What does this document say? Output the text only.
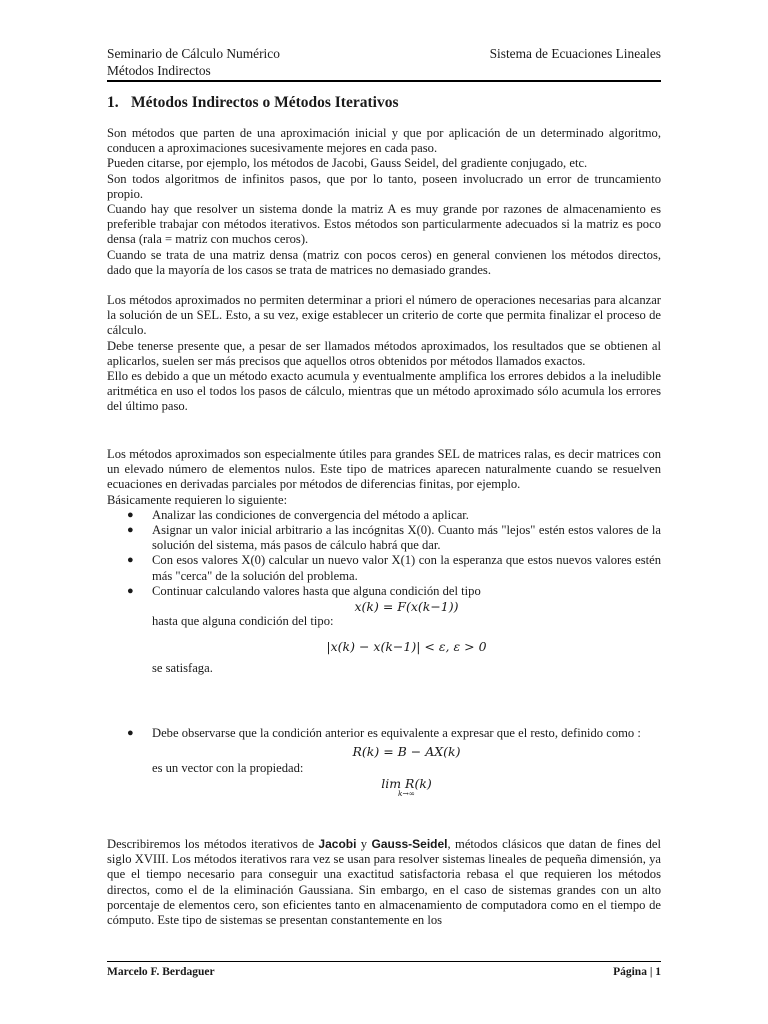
Seminario de Cálculo Numérico
Métodos Indirectos
Sistema de Ecuaciones Lineales
1. Métodos Indirectos o Métodos Iterativos

Son métodos que parten de una aproximación inicial y que por aplicación de un determinado algoritmo, conducen a aproximaciones sucesivamente mejores en cada paso.

Pueden citarse, por ejemplo, los métodos de Jacobi, Gauss Seidel, del gradiente conjugado, etc.

Son todos algoritmos de infinitos pasos, que por lo tanto, poseen involucrado un error de truncamiento propio.

Cuando hay que resolver un sistema donde la matriz A es muy grande por razones de almacenamiento es preferible trabajar con métodos iterativos. Estos métodos son particularmente adecuados si la matriz es poco densa (rala = matriz con muchos ceros).

Cuando se trata de una matriz densa (matriz con pocos ceros) en general convienen los métodos directos, dado que la mayoría de los casos se trata de matrices no demasiado grandes.

Los métodos aproximados no permiten determinar a priori el número de operaciones necesarias para alcanzar la solución de un SEL. Esto, a su vez, exige establecer un criterio de corte que permita finalizar el proceso de cálculo.

Debe tenerse presente que, a pesar de ser llamados métodos aproximados, los resultados que se obtienen al aplicarlos, suelen ser más precisos que aquellos otros obtenidos por métodos llamados exactos.

Ello es debido a que un método exacto acumula y eventualmente amplifica los errores debidos a la ineludible aritmética en uso el todos los pasos de cálculo, mientras que un método aproximado sólo acumula los errores del último paso.

Los métodos aproximados son especialmente útiles para grandes SEL de matrices ralas, es decir matrices con un elevado número de elementos nulos. Este tipo de matrices aparecen naturalmente cuando se resuelven ecuaciones en derivadas parciales por métodos de diferencias finitas, por ejemplo.

Básicamente requieren lo siguiente:

● Analizar las condiciones de convergencia del método a aplicar.
● Asignar un valor inicial arbitrario a las incógnitas X(0). Cuanto más "lejos" estén estos valores de la solución del sistema, más pasos de cálculo habrá que dar.
● Con esos valores X(0) calcular un nuevo valor X(1) con la esperanza que estos nuevos valores estén más "cerca" de la solución del problema.
● Continuar calculando valores hasta que alguna condición del tipo
x(k) = F(x(k−1))
hasta que alguna condición del tipo:
|x(k) − x(k−1)| < ε, ε > 0
se satisfaga.
● Debe observarse que la condición anterior es equivalente a expresar que el resto, definido como :
R(k) = B − AX(k)
es un vector con la propiedad:
lim R(k)
k→∞

Describiremos los métodos iterativos de Jacobi y Gauss-Seidel, métodos clásicos que datan de fines del siglo XVIII. Los métodos iterativos rara vez se usan para resolver sistemas lineales de pequeña dimensión, ya que el tiempo necesario para conseguir una exactitud satisfactoria rebasa el que requieren los métodos directos, como el de la eliminación Gaussiana. Sin embargo, en el caso de sistemas grandes con un alto porcentaje de elementos cero, son eficientes tanto en almacenamiento de computadora como en el tiempo de cómputo. Este tipo de sistemas se presentan constantemente en los

Marcelo F. Berdaguer	Página | 1
